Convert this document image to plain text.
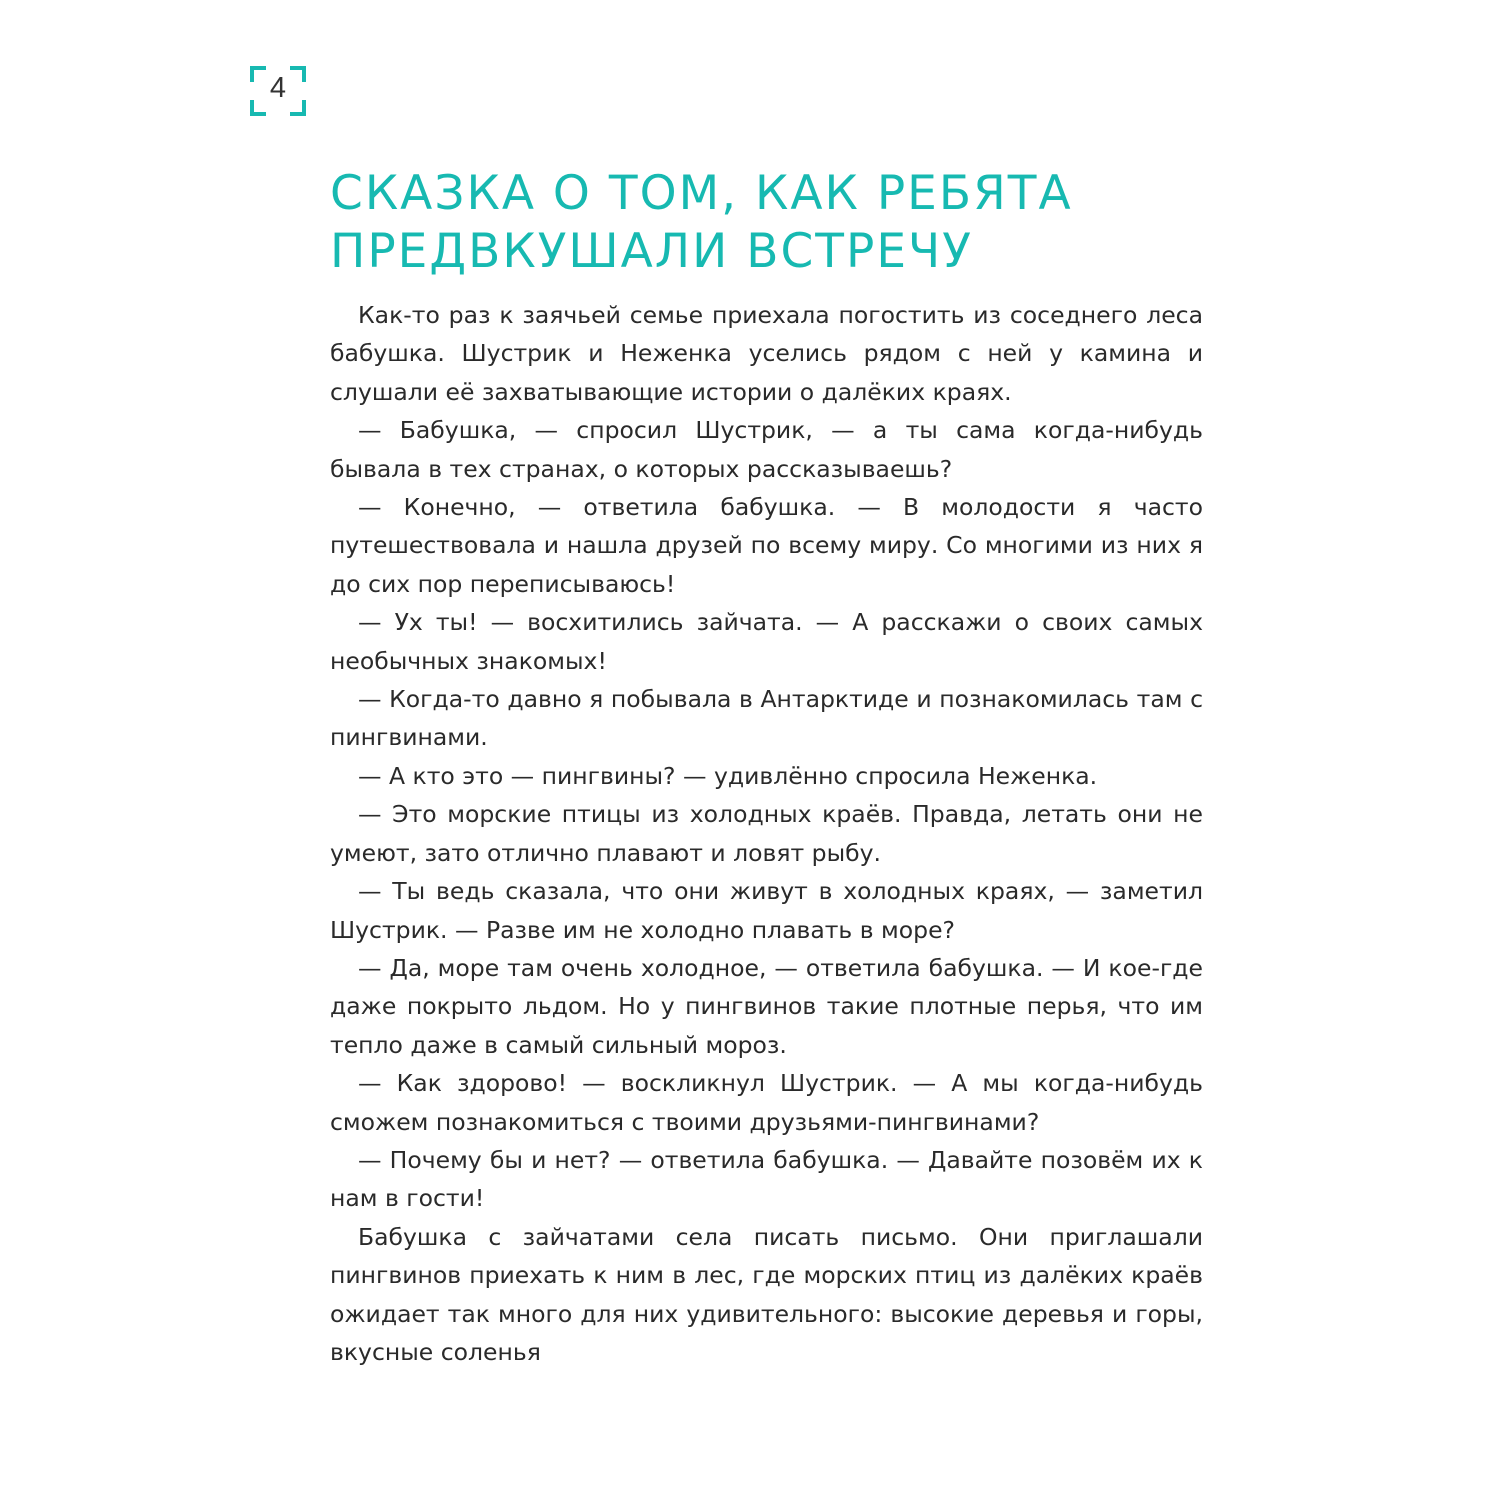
4
СКАЗКА О ТОМ, КАК РЕБЯТА
ПРЕДВКУШАЛИ ВСТРЕЧУ

Как-то раз к заячьей семье приехала погостить из соседнего леса бабушка. Шустрик и Неженка уселись рядом с ней у камина и слушали её захватывающие истории о далёких краях.

— Бабушка, — спросил Шустрик, — а ты сама когда-нибудь бывала в тех странах, о которых рассказываешь?

— Конечно, — ответила бабушка. — В молодости я часто путешествовала и нашла друзей по всему миру. Со многими из них я до сих пор переписываюсь!

— Ух ты! — восхитились зайчата. — А расскажи о своих самых необычных знакомых!

— Когда-то давно я побывала в Антарктиде и познакомилась там с пингвинами.

— А кто это — пингвины? — удивлённо спросила Неженка.

— Это морские птицы из холодных краёв. Правда, летать они не умеют, зато отлично плавают и ловят рыбу.

— Ты ведь сказала, что они живут в холодных краях, — заметил Шустрик. — Разве им не холодно плавать в море?

— Да, море там очень холодное, — ответила бабушка. — И кое-где даже покрыто льдом. Но у пингвинов такие плотные перья, что им тепло даже в самый сильный мороз.

— Как здорово! — воскликнул Шустрик. — А мы когда-нибудь сможем познакомиться с твоими друзьями-пингвинами?

— Почему бы и нет? — ответила бабушка. — Давайте позовём их к нам в гости!

Бабушка с зайчатами села писать письмо. Они приглашали пингвинов приехать к ним в лес, где морских птиц из далёких краёв ожидает так много для них удивительного: высокие деревья и горы, вкусные соленья
